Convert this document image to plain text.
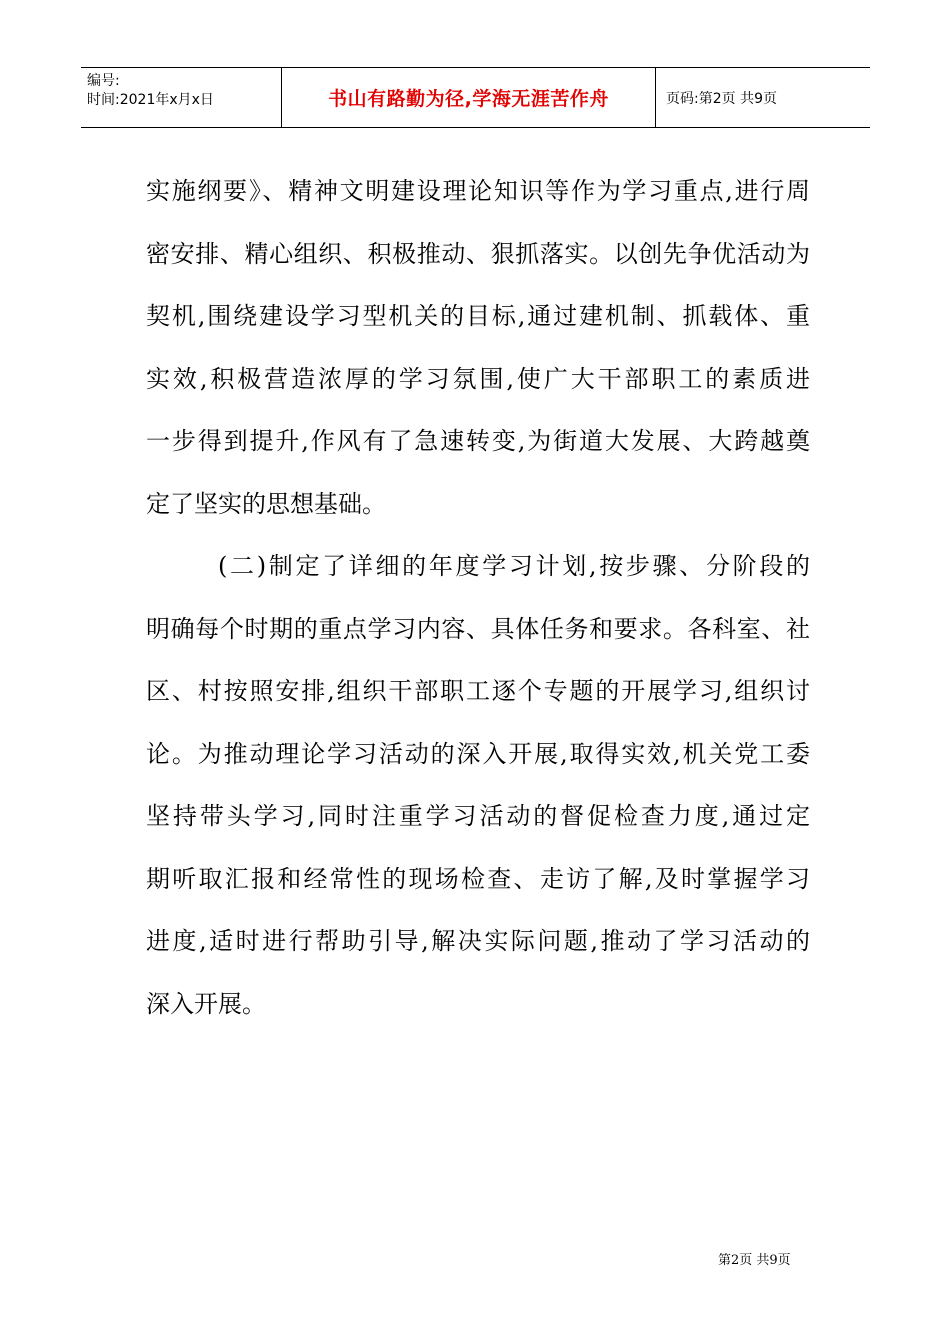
编号:
时间:2021年x月x日	书山有路勤为径,学海无涯苦作舟	页码:第2页 共9页
实施纲要》、精神文明建设理论知识等作为学习重点,进行周
密安排、精心组织、积极推动、狠抓落实。以创先争优活动为
契机,围绕建设学习型机关的目标,通过建机制、抓载体、重
实效,积极营造浓厚的学习氛围,使广大干部职工的素质进
一步得到提升,作风有了急速转变,为街道大发展、大跨越奠
定了坚实的思想基础。
(二)制定了详细的年度学习计划,按步骤、分阶段的
明确每个时期的重点学习内容、具体任务和要求。各科室、社
区、村按照安排,组织干部职工逐个专题的开展学习,组织讨
论。为推动理论学习活动的深入开展,取得实效,机关党工委
坚持带头学习,同时注重学习活动的督促检查力度,通过定
期听取汇报和经常性的现场检查、走访了解,及时掌握学习
进度,适时进行帮助引导,解决实际问题,推动了学习活动的
深入开展。
第2页 共9页
